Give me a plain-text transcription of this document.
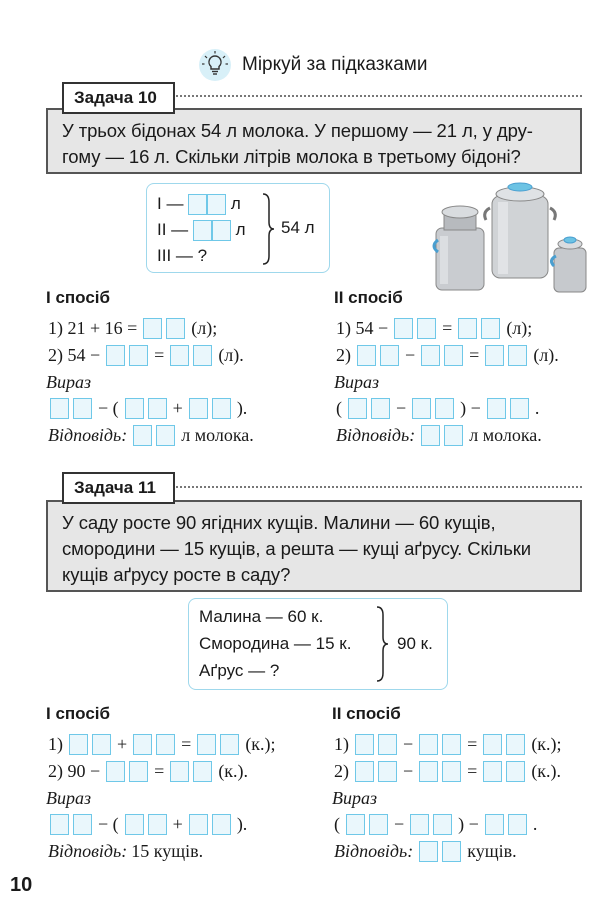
Міркуй за підказками
У трьох бідонах 54 л молока. У першому — 21 л, у дру-
гому — 16 л. Скільки літрів молока в третьому бідоні?
Задача 10
І —	л
ІІ —	л
ІІІ — ?
54 л
І спосіб	ІІ спосіб
1) 21 + 16 =	(л);
2) 54 −	=	(л).
Вираз
− (	+	).
Відповідь:	л молока.
1) 54 −	=	(л);
2)	−	=	(л).
Вираз
(	−	) −	.
Відповідь:	л молока.
У саду росте 90 ягідних кущів. Малини — 60 кущів,
смородини — 15 кущів, а решта — кущі аґрусу. Скільки
кущів аґрусу росте в саду?
Задача 11
Малина — 60 к.
Смородина — 15 к.
Аґрус — ?
90 к.
І спосіб	ІІ спосіб
1)	+	=	(к.);
2) 90 −	=	(к.).
Вираз
− (	+	).
Відповідь: 15 кущів.
1)	−	=	(к.);
2)	−	=	(к.).
Вираз
(	−	) −	.
Відповідь:	кущів.
10
